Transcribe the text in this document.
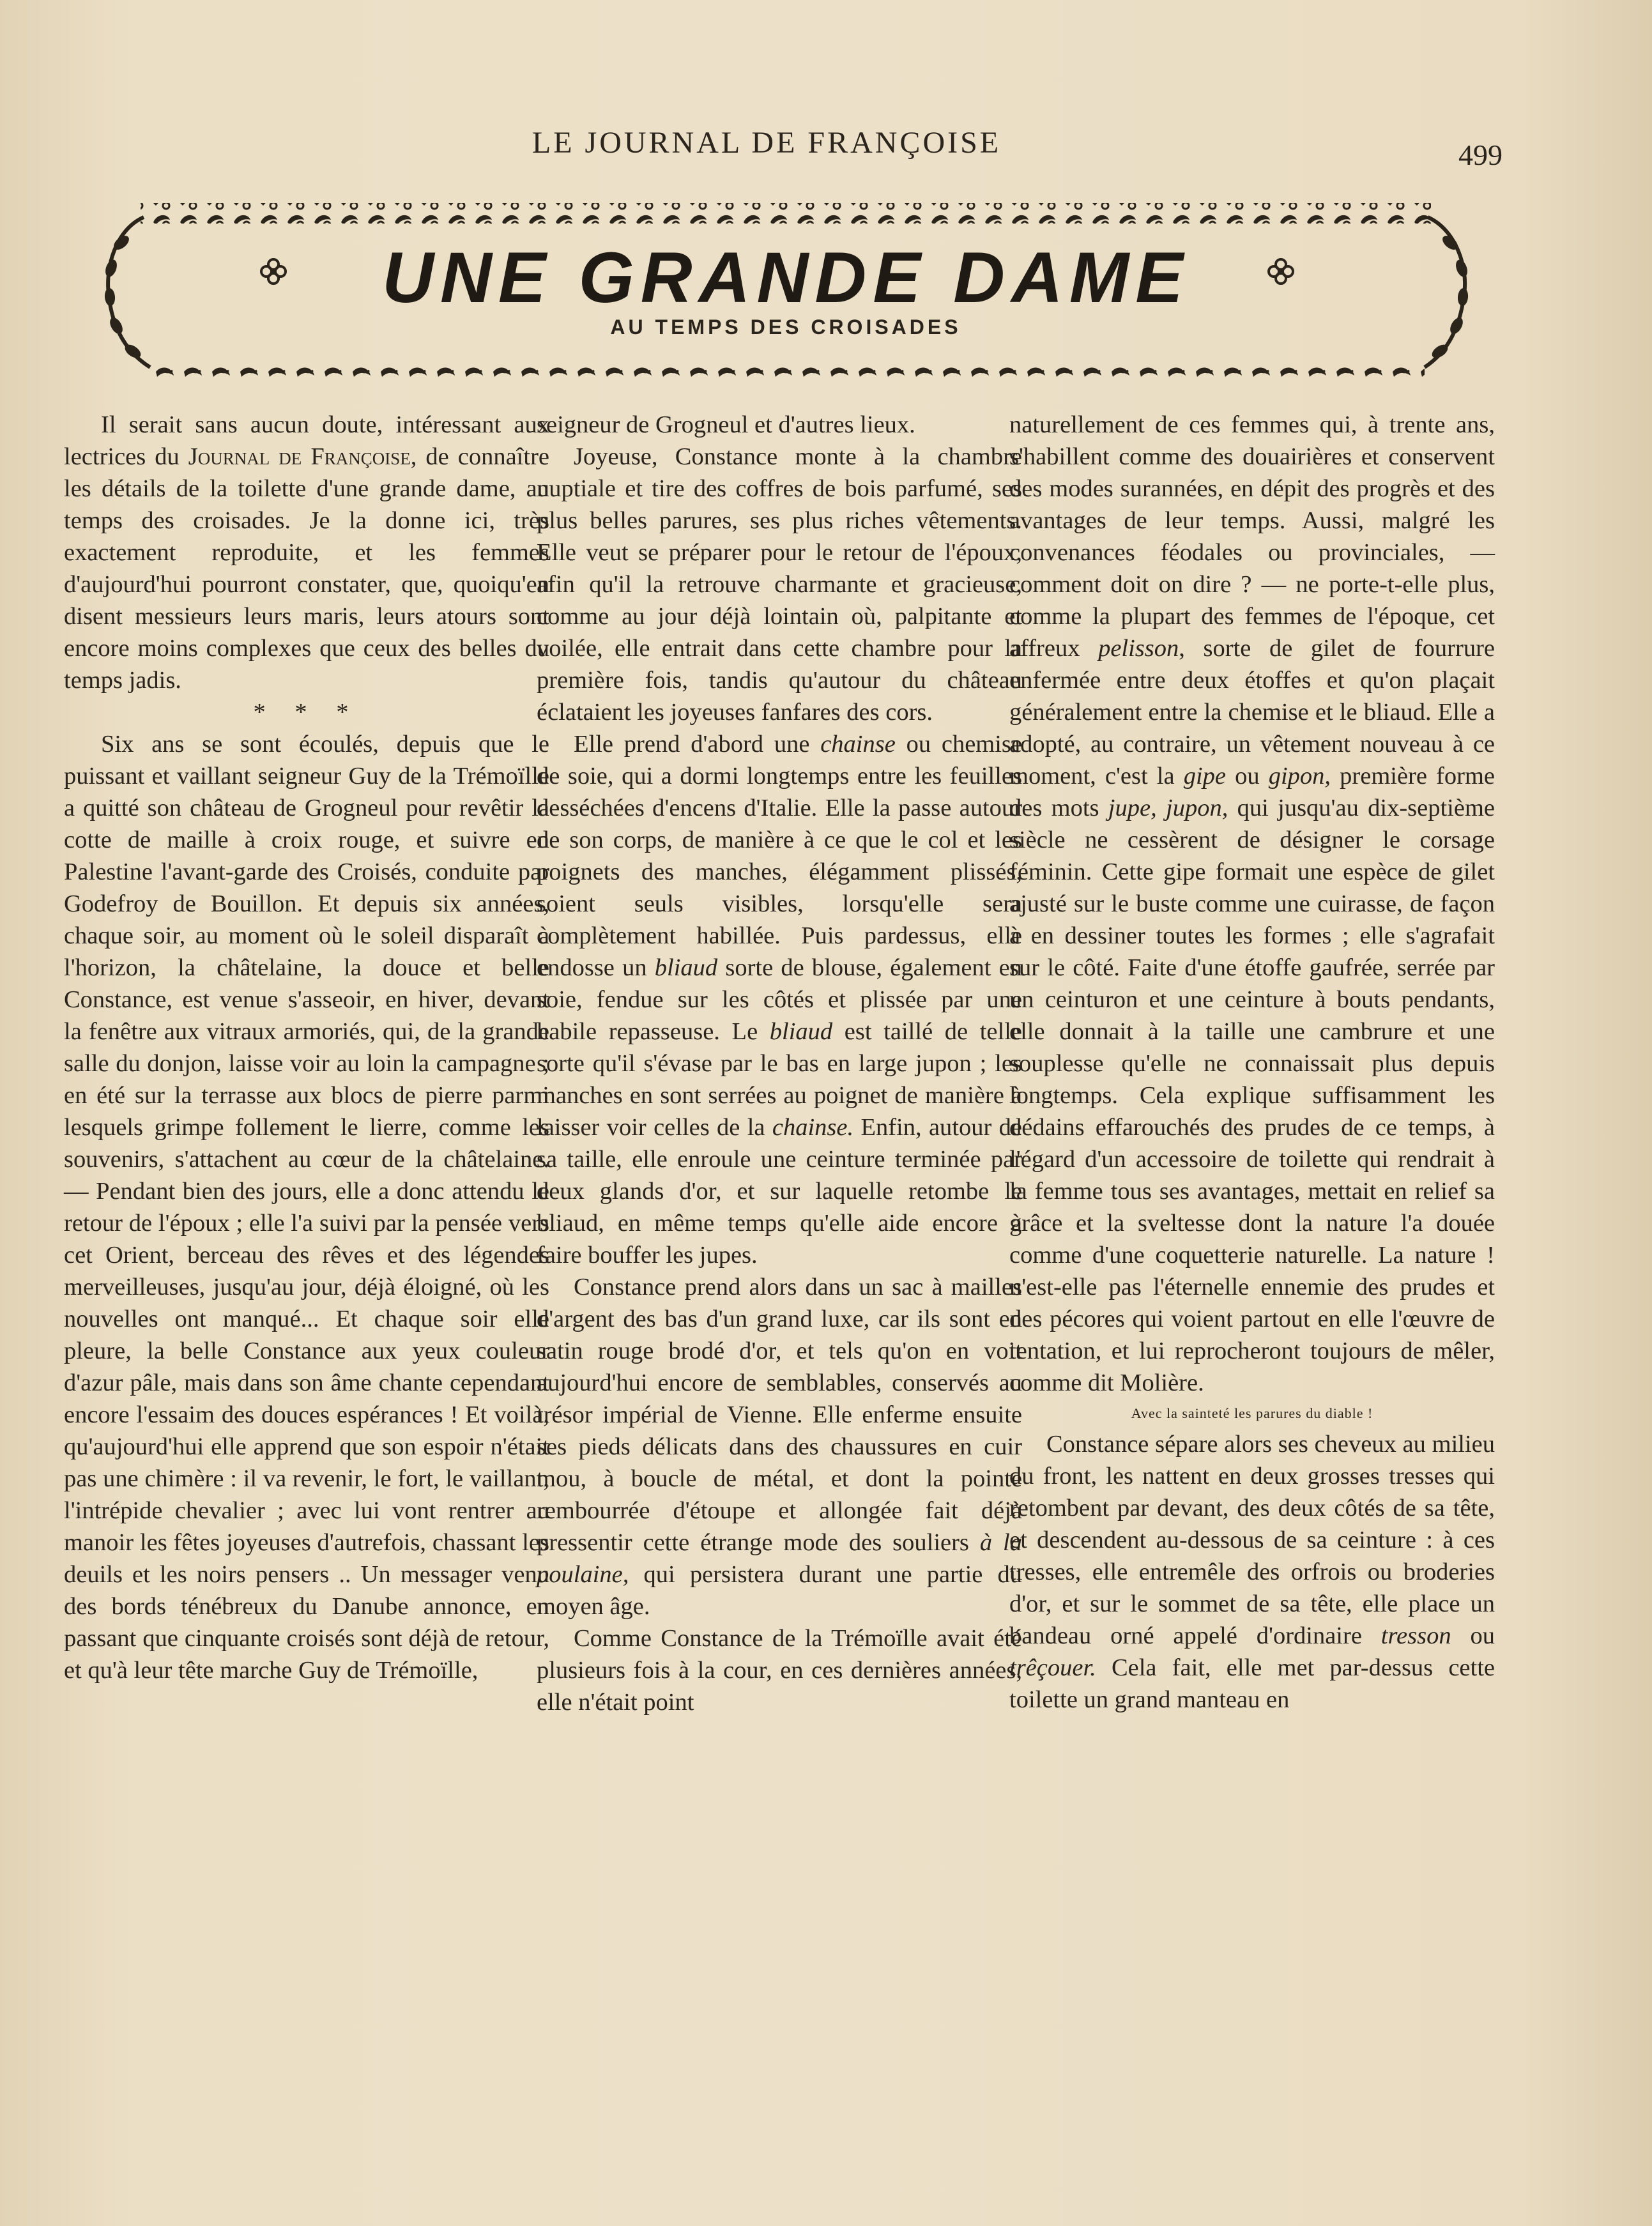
LE JOURNAL DE FRANÇOISE	499
UNE GRANDE DAME
AU TEMPS DES CROISADES

Il serait sans aucun doute, intéressant aux lectrices du Journal de Françoise, de connaître les détails de la toilette d'une grande dame, au temps des croisades. Je la donne ici, très exactement reproduite, et les femmes d'aujourd'hui pourront constater, que, quoiqu'en disent messieurs leurs maris, leurs atours sont encore moins complexes que ceux des belles du temps jadis.

* * *

Six ans se sont écoulés, depuis que le puissant et vaillant seigneur Guy de la Trémoïlle a quitté son château de Grogneul pour revêtir la cotte de maille à croix rouge, et suivre en Palestine l'avant-garde des Croisés, conduite par Godefroy de Bouillon. Et depuis six années, chaque soir, au moment où le soleil disparaît à l'horizon, la châtelaine, la douce et belle Constance, est venue s'asseoir, en hiver, devant la fenêtre aux vitraux armoriés, qui, de la grande salle du donjon, laisse voir au loin la campagne ; en été sur la terrasse aux blocs de pierre parmi lesquels grimpe follement le lierre, comme les souvenirs, s'attachent au cœur de la châtelaine. — Pendant bien des jours, elle a donc attendu le retour de l'époux ; elle l'a suivi par la pensée vers cet Orient, berceau des rêves et des légendes merveilleuses, jusqu'au jour, déjà éloigné, où les nouvelles ont manqué... Et chaque soir elle pleure, la belle Constance aux yeux couleur d'azur pâle, mais dans son âme chante cependant encore l'essaim des douces espérances ! Et voilà, qu'aujourd'hui elle apprend que son espoir n'était pas une chimère : il va revenir, le fort, le vaillant, l'intrépide chevalier ; avec lui vont rentrer au manoir les fêtes joyeuses d'autrefois, chassant les deuils et les noirs pensers .. Un messager venu des bords ténébreux du Danube annonce, en passant que cinquante croisés sont déjà de retour, et qu'à leur tête marche Guy de Trémoïlle,

seigneur de Grogneul et d'autres lieux.

Joyeuse, Constance monte à la chambre nuptiale et tire des coffres de bois parfumé, ses plus belles parures, ses plus riches vêtements. Elle veut se préparer pour le retour de l'époux, afin qu'il la retrouve charmante et gracieuse, comme au jour déjà lointain où, palpitante et voilée, elle entrait dans cette chambre pour la première fois, tandis qu'autour du château éclataient les joyeuses fanfares des cors.

Elle prend d'abord une chainse ou chemise de soie, qui a dormi longtemps entre les feuilles desséchées d'encens d'Italie. Elle la passe autour de son corps, de manière à ce que le col et les poignets des manches, élégamment plissés, soient seuls visibles, lorsqu'elle sera complètement habillée. Puis pardessus, elle endosse un bliaud sorte de blouse, également en soie, fendue sur les côtés et plissée par une habile repasseuse. Le bliaud est taillé de telle sorte qu'il s'évase par le bas en large jupon ; les manches en sont serrées au poignet de manière à laisser voir celles de la chainse. Enfin, autour de sa taille, elle enroule une ceinture terminée par deux glands d'or, et sur laquelle retombe le bliaud, en même temps qu'elle aide encore à faire bouffer les jupes.

Constance prend alors dans un sac à mailles d'argent des bas d'un grand luxe, car ils sont en satin rouge brodé d'or, et tels qu'on en voit aujourd'hui encore de semblables, conservés au trésor impérial de Vienne. Elle enferme ensuite ses pieds délicats dans des chaussures en cuir mou, à boucle de métal, et dont la pointe rembourrée d'étoupe et allongée fait déjà pressentir cette étrange mode des souliers à la poulaine, qui persistera durant une partie du moyen âge.

Comme Constance de la Trémoïlle avait été plusieurs fois à la cour, en ces dernières années, elle n'était point

naturellement de ces femmes qui, à trente ans, s'habillent comme des douairières et conservent des modes surannées, en dépit des progrès et des avantages de leur temps. Aussi, malgré les convenances féodales ou provinciales, — comment doit on dire ? — ne porte-t-elle plus, comme la plupart des femmes de l'époque, cet affreux pelisson, sorte de gilet de fourrure enfermée entre deux étoffes et qu'on plaçait généralement entre la chemise et le bliaud. Elle a adopté, au contraire, un vêtement nouveau à ce moment, c'est la gipe ou gipon, première forme des mots jupe, jupon, qui jusqu'au dix-septième siècle ne cessèrent de désigner le corsage féminin. Cette gipe formait une espèce de gilet ajusté sur le buste comme une cuirasse, de façon à en dessiner toutes les formes ; elle s'agrafait sur le côté. Faite d'une étoffe gaufrée, serrée par un ceinturon et une ceinture à bouts pendants, elle donnait à la taille une cambrure et une souplesse qu'elle ne connaissait plus depuis longtemps. Cela explique suffisamment les dédains effarouchés des prudes de ce temps, à l'égard d'un accessoire de toilette qui rendrait à la femme tous ses avantages, mettait en relief sa grâce et la sveltesse dont la nature l'a douée comme d'une coquetterie naturelle. La nature ! n'est-elle pas l'éternelle ennemie des prudes et des pécores qui voient partout en elle l'œuvre de tentation, et lui reprocheront toujours de mêler, comme dit Molière.

Avec la sainteté les parures du diable !

Constance sépare alors ses cheveux au milieu du front, les nattent en deux grosses tresses qui retombent par devant, des deux côtés de sa tête, et descendent au-dessous de sa ceinture : à ces tresses, elle entremêle des orfrois ou broderies d'or, et sur le sommet de sa tête, elle place un bandeau orné appelé d'ordinaire tresson ou trêçouer. Cela fait, elle met par-dessus cette toilette un grand manteau en
